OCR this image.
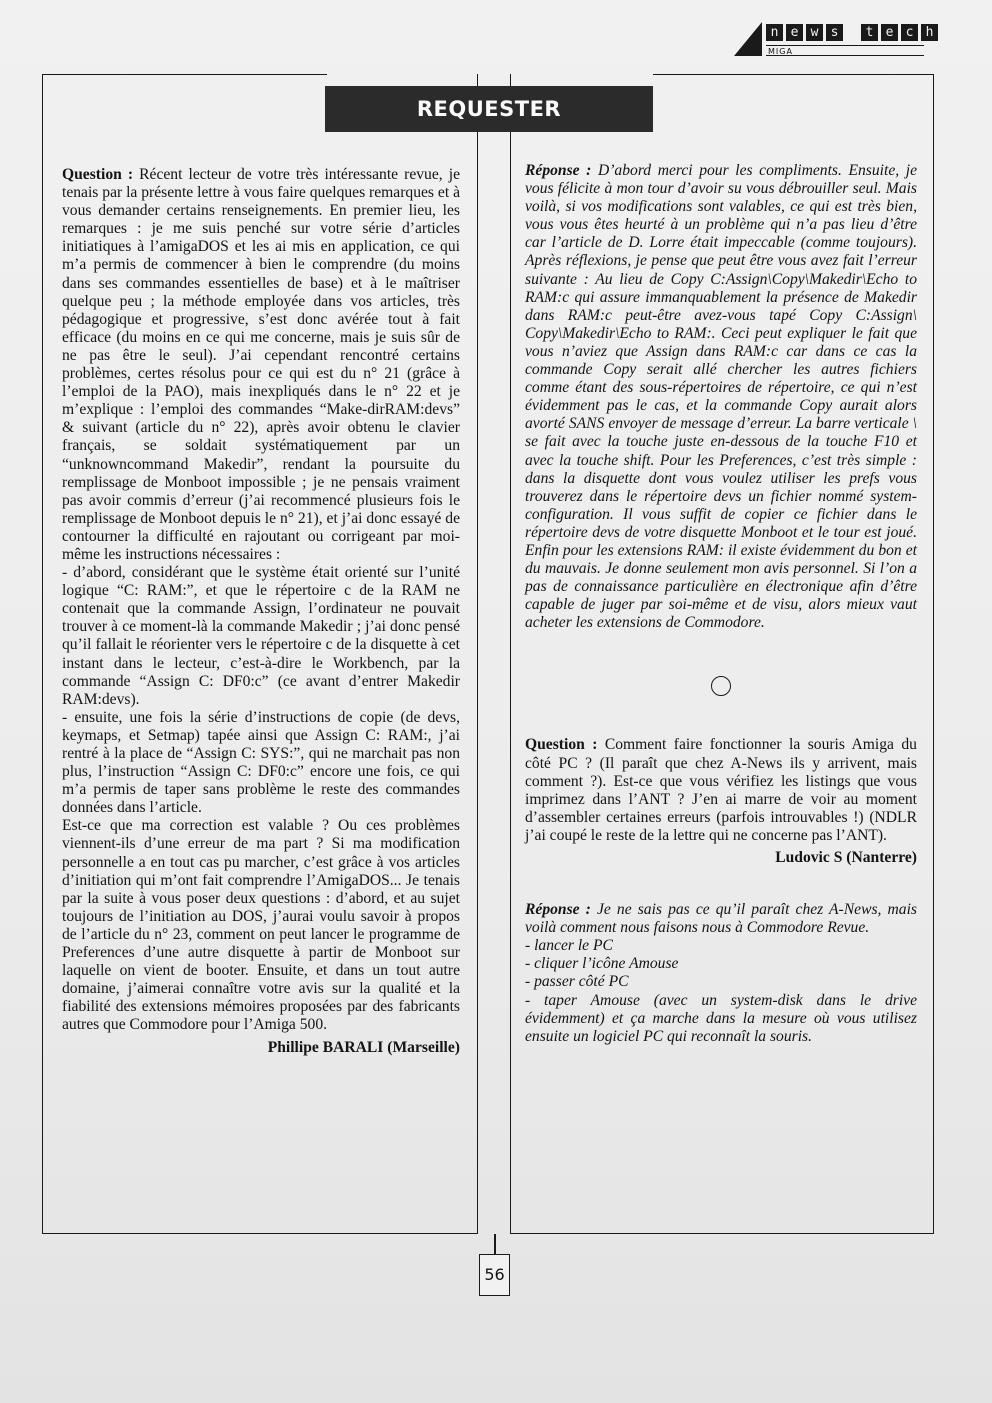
n e w s	t e c h
MIGA
REQUESTER

Question : Récent lecteur de votre très intéressante revue, je tenais par la présente lettre à vous faire quelques remarques et à vous demander certains renseignements. En premier lieu, les remarques : je me suis penché sur votre série d’articles initiatiques à l’amigaDOS et les ai mis en application, ce qui m’a permis de commencer à bien le comprendre (du moins dans ses commandes essentielles de base) et à le maîtriser quelque peu ; la méthode employée dans vos articles, très pédagogique et progressive, s’est donc avérée tout à fait efficace (du moins en ce qui me concerne, mais je suis sûr de ne pas être le seul). J’ai cependant rencontré certains problèmes, certes résolus pour ce qui est du n° 21 (grâce à l’emploi de la PAO), mais inexpliqués dans le n° 22 et je m’explique : l’emploi des commandes “Make-dirRAM:devs” & suivant (article du n° 22), après avoir obtenu le clavier français, se soldait systématiquement par un “unknowncommand Makedir”, rendant la poursuite du remplissage de Monboot impossible ; je ne pensais vraiment pas avoir commis d’erreur (j’ai recommencé plusieurs fois le remplissage de Monboot depuis le n° 21), et j’ai donc essayé de contourner la difficulté en rajoutant ou corrigeant par moi-même les instructions nécessaires :

- d’abord, considérant que le système était orienté sur l’unité logique “C: RAM:”, et que le répertoire c de la RAM ne contenait que la commande Assign, l’ordinateur ne pouvait trouver à ce moment-là la commande Makedir ; j’ai donc pensé qu’il fallait le réorienter vers le répertoire c de la disquette à cet instant dans le lecteur, c’est-à-dire le Workbench, par la commande “Assign C: DF0:c” (ce avant d’entrer Makedir RAM:devs).

- ensuite, une fois la série d’instructions de copie (de devs, keymaps, et Setmap) tapée ainsi que Assign C: RAM:, j’ai rentré à la place de “Assign C: SYS:”, qui ne marchait pas non plus, l’instruction “Assign C: DF0:c” encore une fois, ce qui m’a permis de taper sans problème le reste des commandes données dans l’article.

Est-ce que ma correction est valable ? Ou ces problèmes viennent-ils d’une erreur de ma part ? Si ma modification personnelle a en tout cas pu marcher, c’est grâce à vos articles d’initiation qui m’ont fait comprendre l’AmigaDOS... Je tenais par la suite à vous poser deux questions : d’abord, et au sujet toujours de l’initiation au DOS, j’aurai voulu savoir à propos de l’article du n° 23, comment on peut lancer le programme de Preferences d’une autre disquette à partir de Monboot sur laquelle on vient de booter. Ensuite, et dans un tout autre domaine, j’aimerai connaître votre avis sur la qualité et la fiabilité des extensions mémoires proposées par des fabricants autres que Commodore pour l’Amiga 500.

Phillipe BARALI (Marseille)

Réponse : D’abord merci pour les compliments. Ensuite, je vous félicite à mon tour d’avoir su vous débrouiller seul. Mais voilà, si vos modifications sont valables, ce qui est très bien, vous vous êtes heurté à un problème qui n’a pas lieu d’être car l’article de D. Lorre était impeccable (comme toujours). Après réflexions, je pense que peut être vous avez fait l’erreur suivante : Au lieu de Copy C:Assign\Copy\Makedir\Echo to RAM:c qui assure immanquablement la présence de Makedir dans RAM:c peut-être avez-vous tapé Copy C:Assign\ Copy\Makedir\Echo to RAM:. Ceci peut expliquer le fait que vous n’aviez que Assign dans RAM:c car dans ce cas la commande Copy serait allé chercher les autres fichiers comme étant des sous-répertoires de répertoire, ce qui n’est évidemment pas le cas, et la commande Copy aurait alors avorté SANS envoyer de message d’erreur. La barre verticale \ se fait avec la touche juste en-dessous de la touche F10 et avec la touche shift. Pour les Preferences, c’est très simple : dans la disquette dont vous voulez utiliser les prefs vous trouverez dans le répertoire devs un fichier nommé system-configuration. Il vous suffit de copier ce fichier dans le répertoire devs de votre disquette Monboot et le tour est joué. Enfin pour les extensions RAM: il existe évidemment du bon et du mauvais. Je donne seulement mon avis personnel. Si l’on a pas de connaissance particulière en électronique afin d’être capable de juger par soi-même et de visu, alors mieux vaut acheter les extensions de Commodore.

Question : Comment faire fonctionner la souris Amiga du côté PC ? (Il paraît que chez A-News ils y arrivent, mais comment ?). Est-ce que vous vérifiez les listings que vous imprimez dans l’ANT ? J’en ai marre de voir au moment d’assembler certaines erreurs (parfois introuvables !) (NDLR j’ai coupé le reste de la lettre qui ne concerne pas l’ANT).

Ludovic S (Nanterre)

Réponse : Je ne sais pas ce qu’il paraît chez A-News, mais voilà comment nous faisons nous à Commodore Revue.

- lancer le PC

- cliquer l’icône Amouse

- passer côté PC

- taper Amouse (avec un system-disk dans le drive évidemment) et ça marche dans la mesure où vous utilisez ensuite un logiciel PC qui reconnaît la souris.

56
